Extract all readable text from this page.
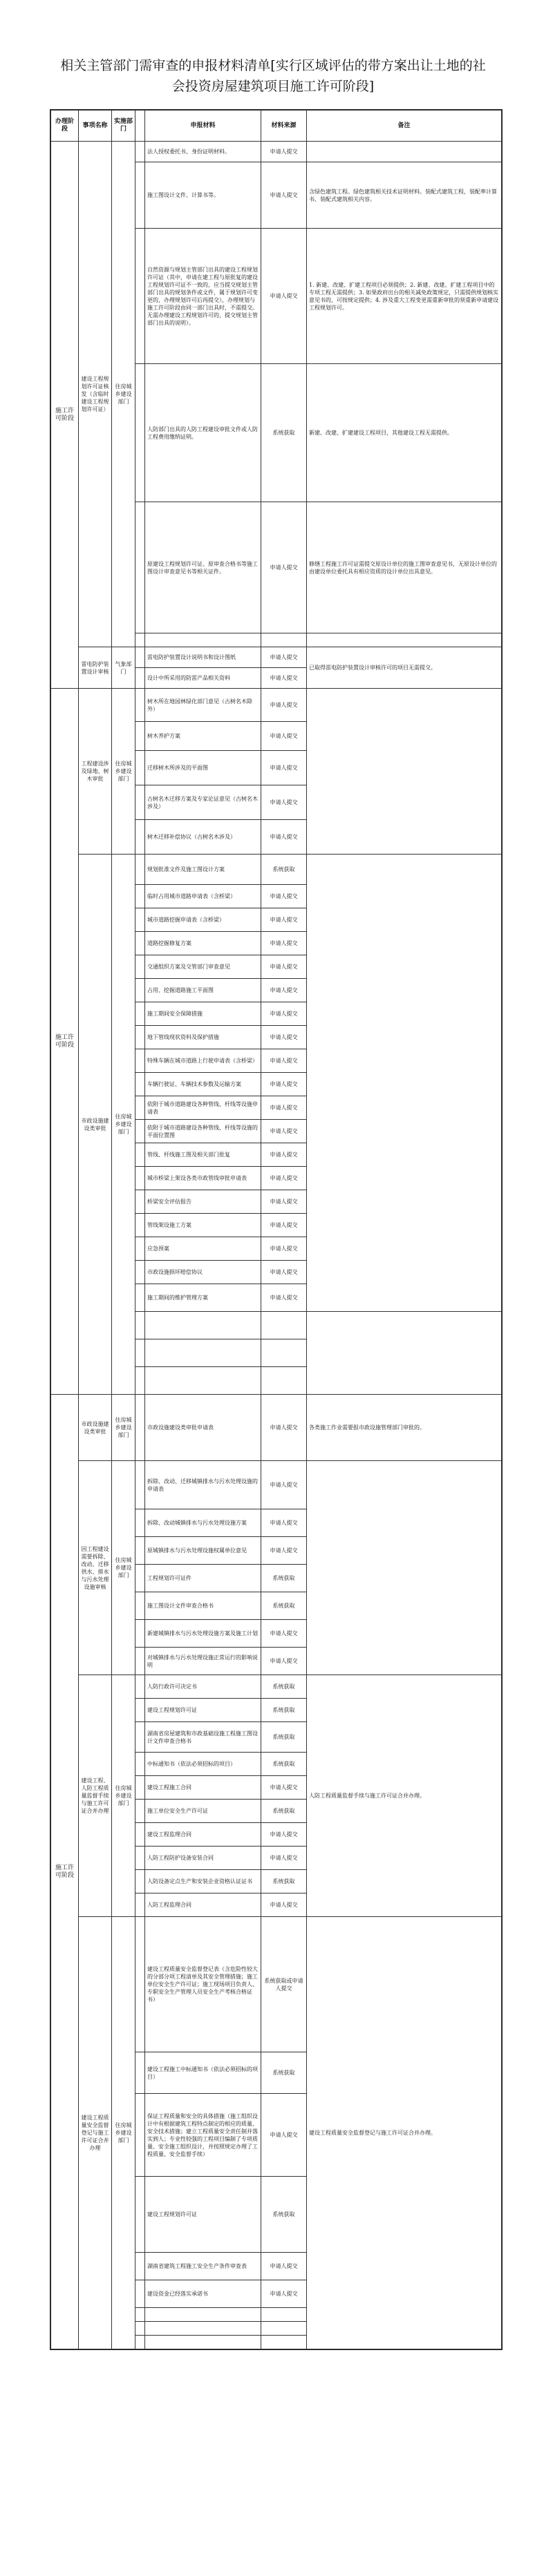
相关主管部门需审查的申报材料清单[实行区域评估的带方案出让土地的社
会投资房屋建筑项目施工许可阶段]
办理阶段	事项名称	实施部门		申报材料	材料来源	备注
施工许可阶段	建设工程规划许可证核发（含临时建设工程规划许可证）	住房城乡建设部门		法人授权委托书、身份证明材料。	申请人提交	
				施工图设计文件、计算书等。	申请人提交	含绿色建筑工程。绿色建筑相关技术证明材料。装配式建筑工程，装配率计算书、装配式建筑相关内容。
				自然资源与规划主管部门出具的建设工程规划许可证（其中，申请在建工程与原批复的建设工程规划许可证不一致的，应当提交规划主管部门出具的规划条件或文件，属于规划许可变更的，办理规划许可后再提交），办理规划与施工许可阶段由同一部门出具时，不需提交。无需办理建设工程规划许可的，提交规划主管部门出具的说明）。	申请人提交	1. 新建、改建、扩建工程项目必须提供；2. 新建、改建、扩建工程项目中的专项工程无需提供；3. 如果政府出台的相关减免政策规定，只需提供规划核实意见书的，可按规定提供；4. 涉及重大工程变更需重新审批的须重新申请建设工程规划许可。
				人防部门出具的人防工程建设审批文件或人防工程费用缴纳证明。	系统获取	新建、改建、扩建建设工程项目，其他建设工程无需提供。
				原建设工程规划许可证、原审查合格书等施工图设计审查意见书等相关证件。	申请人提交	修缮工程施工许可证需提交原设计单位的施工图审查意见书，无原设计单位的由建设单位委托具有相应资质的设计单位出具意见。

	雷电防护装置设计审核	气象部门		雷电防护装置设计说明书和设计图纸	申请人提交	已取得雷电防护装置设计审核许可的项目无需提交。
				设计中所采用的防雷产品相关资料	申请人提交	
施工许可阶段	工程建设涉及绿地、树木审批	住房城乡建设部门		树木所在地园林绿化部门意见（古树名木除外）	申请人提交	
				树木养护方案	申请人提交	
				迁移树木所涉及的平面图	申请人提交	
				古树名木迁移方案及专家论证意见（古树名木涉及）	申请人提交	
				树木迁移补偿协议（古树名木涉及）	申请人提交	
	市政设施建设类审批	住房城乡建设部门		规划批准文件及施工图设计方案	系统获取	
				临时占用城市道路申请表（含桥梁）	申请人提交	
				城市道路挖掘申请表（含桥梁）	申请人提交	
				道路挖掘修复方案	申请人提交	
				交通组织方案及交管部门审查意见	申请人提交	
				占用、挖掘道路施工平面图	申请人提交	
				施工期间安全保障措施	申请人提交	
				地下管线现状资料及保护措施	申请人提交	
				特殊车辆在城市道路上行驶申请表（含桥梁）	申请人提交	
				车辆行驶证、车辆技术参数及运输方案	申请人提交	
				依附于城市道路建设各种管线、杆线等设施申请表	申请人提交	
				依附于城市道路建设各种管线、杆线等设施的平面位置图	申请人提交	
				管线、杆线施工图及相关部门批复	申请人提交	
				城市桥梁上架设各类市政管线审批申请表	申请人提交	
				桥梁安全评估报告	申请人提交	
				管线架设施工方案	申请人提交	
				应急预案	申请人提交	
				市政设施损坏赔偿协议	申请人提交	
				施工期间的维护管理方案	申请人提交	

施工许可阶段	市政设施建设类审批	住房城乡建设部门		市政设施建设类审批申请表	申请人提交	各类施工作业需要报市政设施管理部门审批的。
	因工程建设需要拆除、改动、迁移供水、排水与污水处理设施审核	住房城乡建设部门		拆除、改动、迁移城镇排水与污水处理设施的申请表	申请人提交	
				拆除、改动城镇排水与污水处理设施方案	申请人提交	
				原城镇排水与污水处理设施权属单位意见	申请人提交	
				工程规划许可证件	系统获取	
				施工图设计文件审查合格书	系统获取	
				新建城镇排水与污水处理设施方案及施工计划	申请人提交	
				对城镇排水与污水处理设施正常运行的影响说明	申请人提交	
	建设工程、人防工程质量监督手续与施工许可证合并办理	住房城乡建设部门		人防行政许可决定书	系统获取	人防工程质量监督手续与施工许可证合并办理。
				建设工程规划许可证	系统获取	
				湖南省房屋建筑和市政基础设施工程施工图设计文件审查合格书	系统获取	
				中标通知书（依法必须招标的项目）	系统获取	
				建设工程施工合同	申请人提交	
				施工单位安全生产许可证	系统获取	
				建设工程监理合同	申请人提交	
				人防工程防护设备安装合同	申请人提交	
				人防设备定点生产和安装企业资格认证证书	系统获取	
				人防工程监理合同	申请人提交	
	建设工程质量安全监督登记与施工许可证合并办理	住房城乡建设部门		建设工程质量安全监督登记表（含危险性较大的分部分项工程清单及其安全管理措施；施工单位安全生产许可证；施工现场项目负责人、专职安全生产管理人员安全生产考核合格证书）	系统获取或申请人提交	建设工程质量安全监督登记与施工许可证合并办理。
				建设工程施工中标通知书（依法必须招标的项目）	系统获取	
				保证工程质量和安全的具体措施（施工组织设计中有根据建筑工程特点制定的相应的质量、安全技术措施；建立工程质量安全责任制并落实到人；专业性较强的工程项目编制了专项质量、安全施工组织设计，并按照规定办理了工程质量、安全监督手续）	申请人提交	
				建设工程规划许可证	系统获取	
				湖南省建筑工程施工安全生产条件审查表	申请人提交	
				建设资金已经落实承诺书	申请人提交	
